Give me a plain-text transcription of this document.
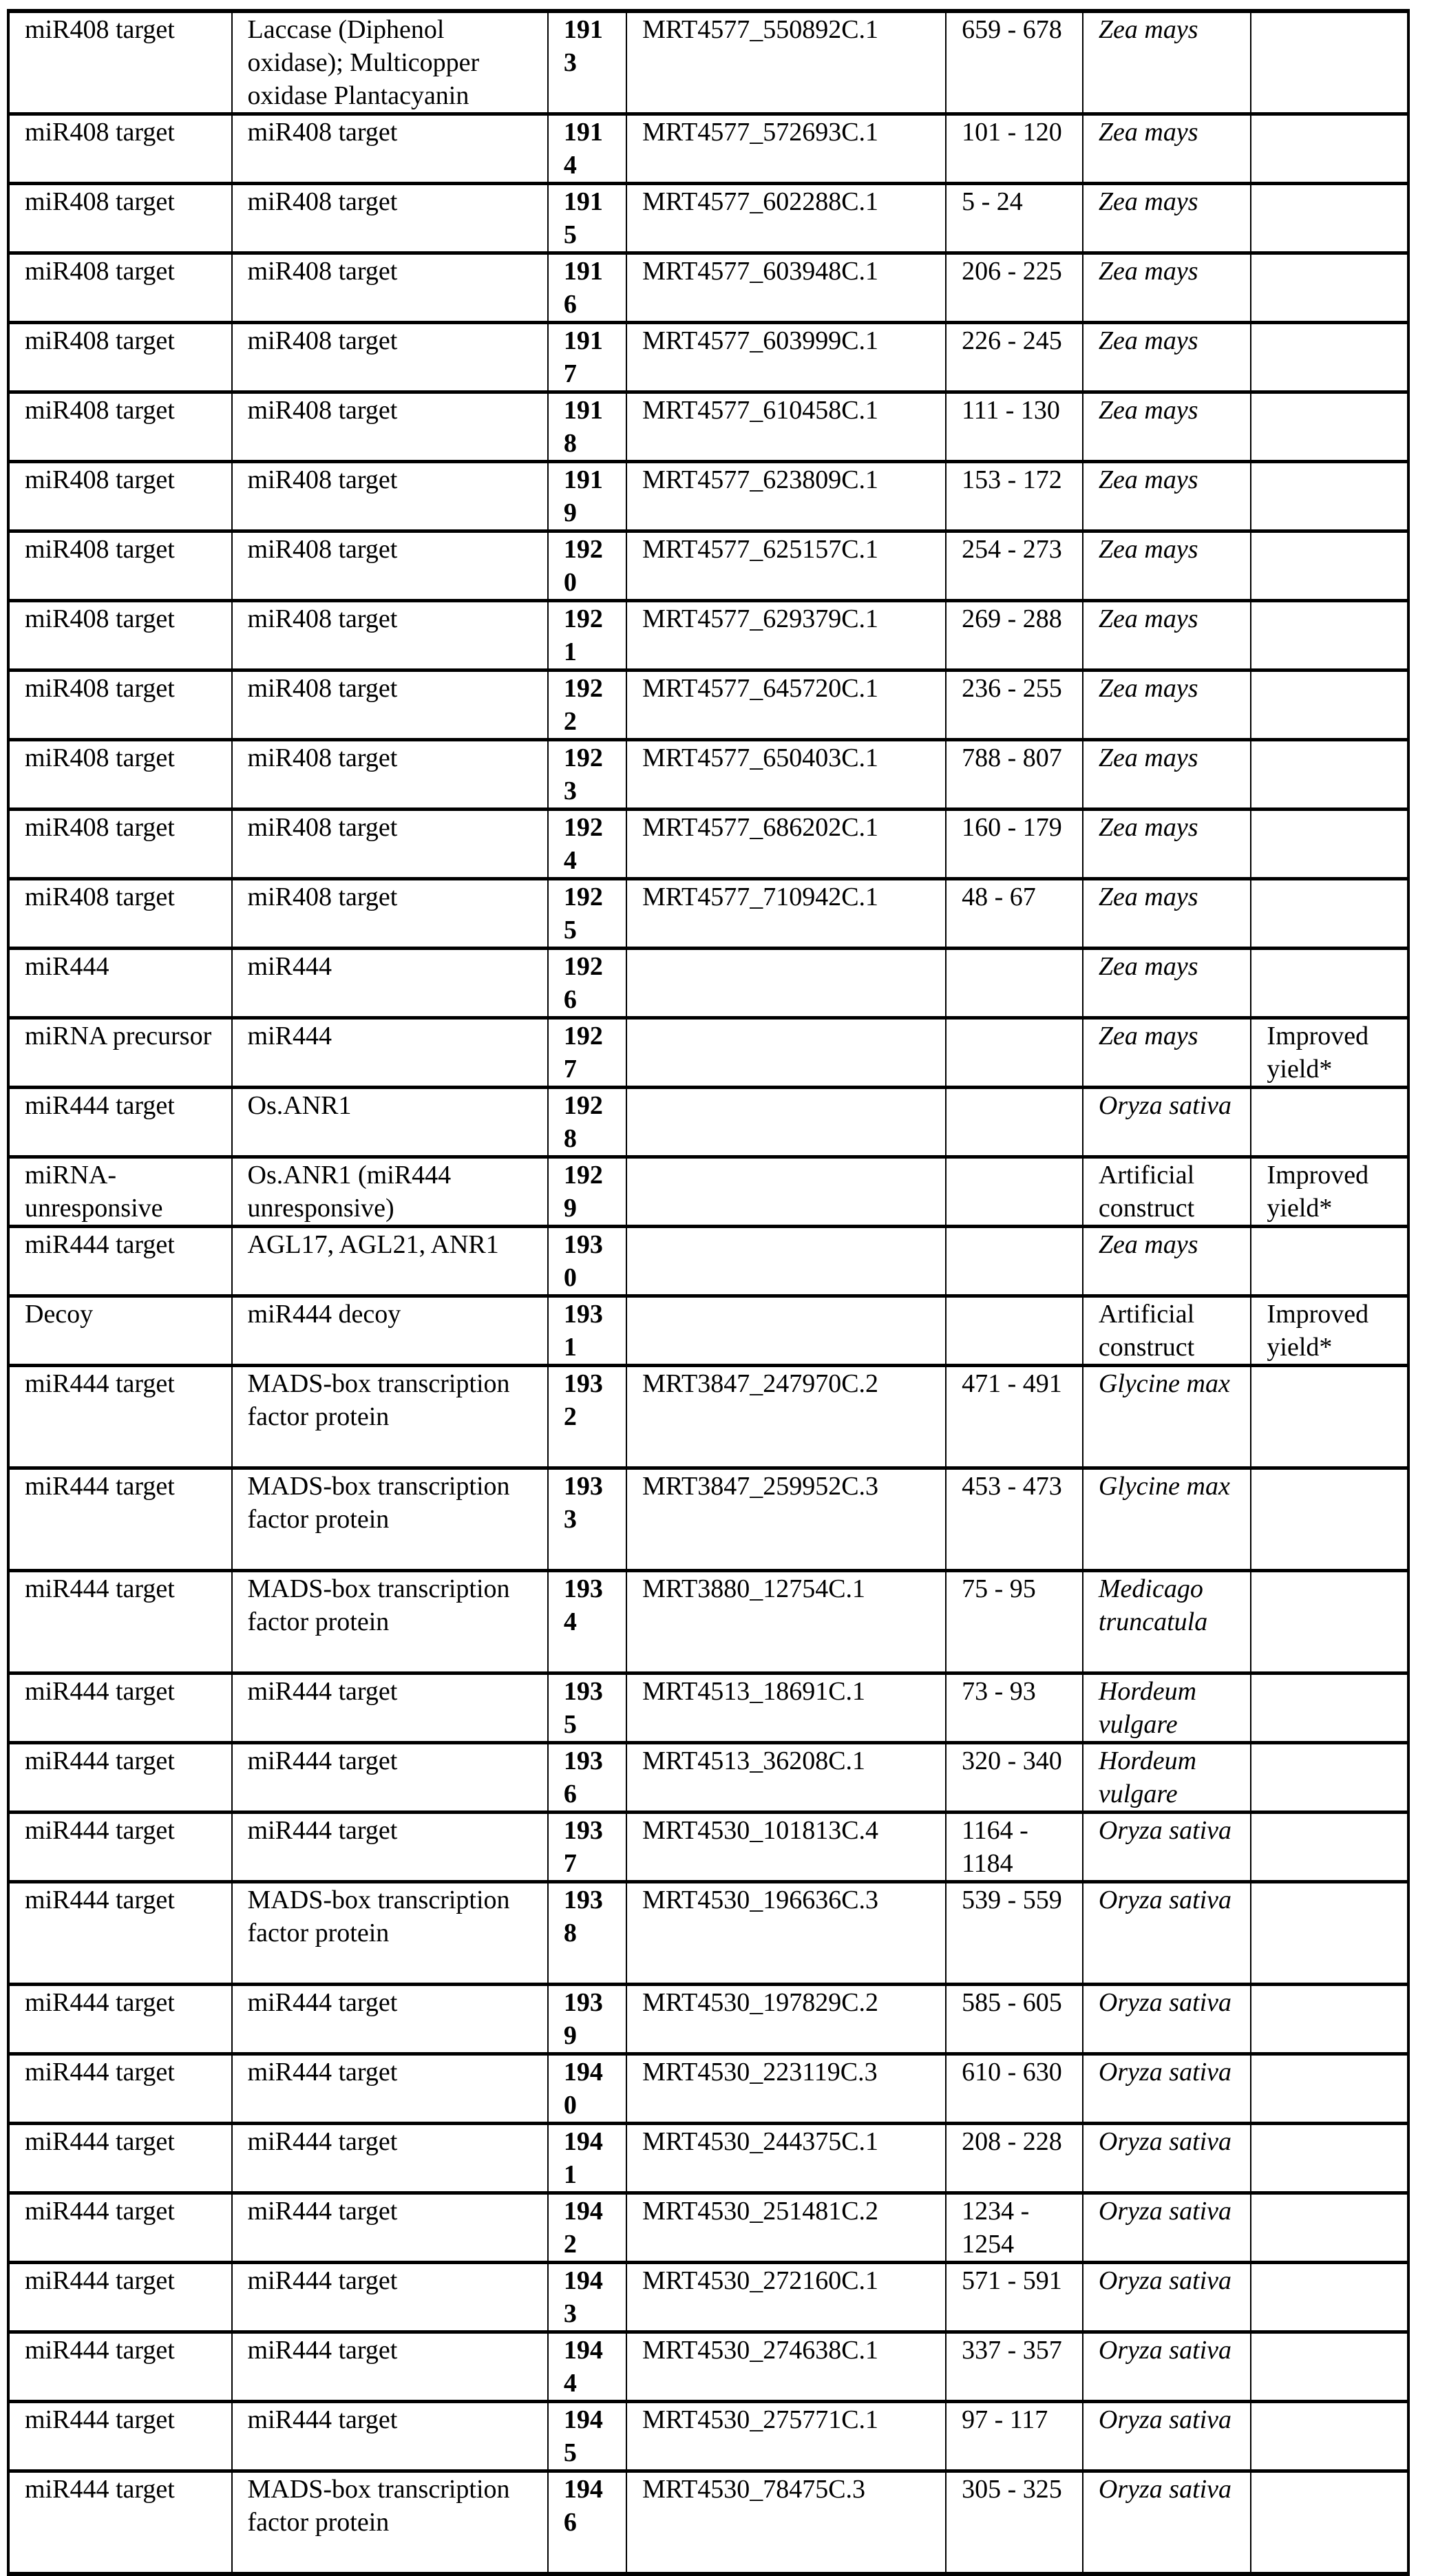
miR408 target	Laccase (Diphenol oxidase); Multicopper oxidase Plantacyanin	1913	MRT4577_550892C.1	659 - 678	Zea mays	
miR408 target	miR408 target	1914	MRT4577_572693C.1	101 - 120	Zea mays	
miR408 target	miR408 target	1915	MRT4577_602288C.1	5 - 24	Zea mays	
miR408 target	miR408 target	1916	MRT4577_603948C.1	206 - 225	Zea mays	
miR408 target	miR408 target	1917	MRT4577_603999C.1	226 - 245	Zea mays	
miR408 target	miR408 target	1918	MRT4577_610458C.1	111 - 130	Zea mays	
miR408 target	miR408 target	1919	MRT4577_623809C.1	153 - 172	Zea mays	
miR408 target	miR408 target	1920	MRT4577_625157C.1	254 - 273	Zea mays	
miR408 target	miR408 target	1921	MRT4577_629379C.1	269 - 288	Zea mays	
miR408 target	miR408 target	1922	MRT4577_645720C.1	236 - 255	Zea mays	
miR408 target	miR408 target	1923	MRT4577_650403C.1	788 - 807	Zea mays	
miR408 target	miR408 target	1924	MRT4577_686202C.1	160 - 179	Zea mays	
miR408 target	miR408 target	1925	MRT4577_710942C.1	48 - 67	Zea mays	
miR444	miR444	1926			Zea mays	
miRNA precursor	miR444	1927			Zea mays	Improved yield*
miR444 target	Os.ANR1	1928			Oryza sativa	
miRNA-unresponsive	Os.ANR1 (miR444 unresponsive)	1929			Artificial construct	Improved yield*
miR444 target	AGL17, AGL21, ANR1	1930			Zea mays	
Decoy	miR444 decoy	1931			Artificial construct	Improved yield*
miR444 target	MADS-box transcription factor protein	1932	MRT3847_247970C.2	471 - 491	Glycine max	
miR444 target	MADS-box transcription factor protein	1933	MRT3847_259952C.3	453 - 473	Glycine max	
miR444 target	MADS-box transcription factor protein	1934	MRT3880_12754C.1	75 - 95	Medicago truncatula	
miR444 target	miR444 target	1935	MRT4513_18691C.1	73 - 93	Hordeum vulgare	
miR444 target	miR444 target	1936	MRT4513_36208C.1	320 - 340	Hordeum vulgare	
miR444 target	miR444 target	1937	MRT4530_101813C.4	1164 - 1184	Oryza sativa	
miR444 target	MADS-box transcription factor protein	1938	MRT4530_196636C.3	539 - 559	Oryza sativa	
miR444 target	miR444 target	1939	MRT4530_197829C.2	585 - 605	Oryza sativa	
miR444 target	miR444 target	1940	MRT4530_223119C.3	610 - 630	Oryza sativa	
miR444 target	miR444 target	1941	MRT4530_244375C.1	208 - 228	Oryza sativa	
miR444 target	miR444 target	1942	MRT4530_251481C.2	1234 - 1254	Oryza sativa	
miR444 target	miR444 target	1943	MRT4530_272160C.1	571 - 591	Oryza sativa	
miR444 target	miR444 target	1944	MRT4530_274638C.1	337 - 357	Oryza sativa	
miR444 target	miR444 target	1945	MRT4530_275771C.1	97 - 117	Oryza sativa	
miR444 target	MADS-box transcription factor protein	1946	MRT4530_78475C.3	305 - 325	Oryza sativa	
